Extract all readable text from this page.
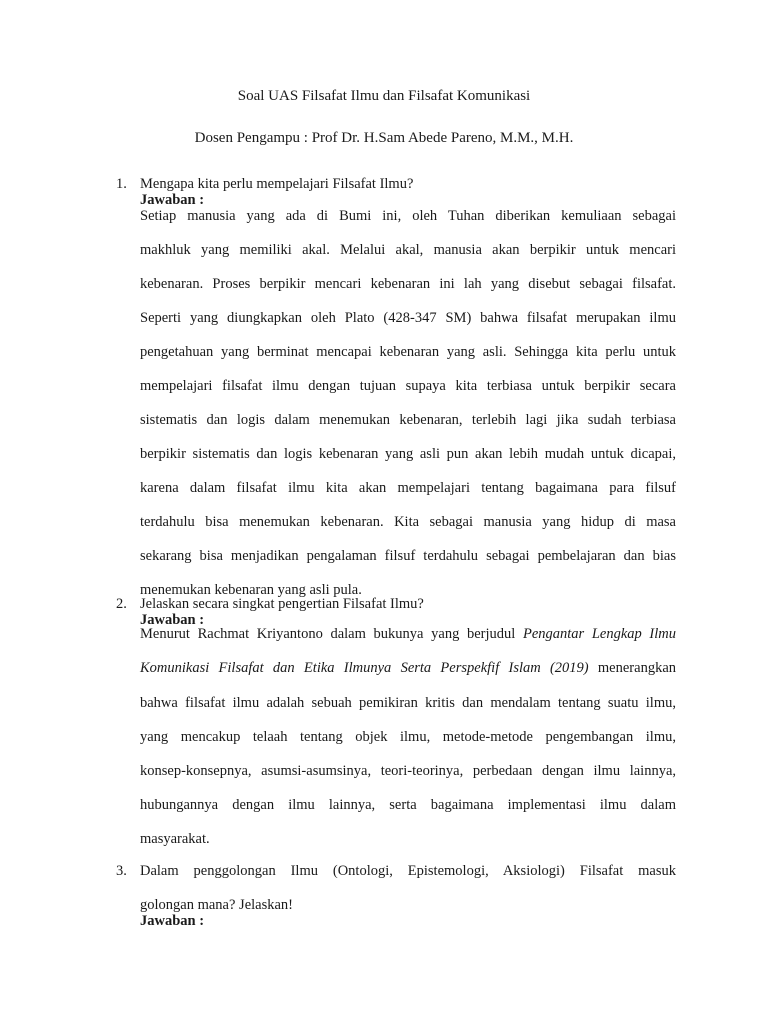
Soal UAS Filsafat Ilmu dan Filsafat Komunikasi
Dosen Pengampu : Prof Dr. H.Sam Abede Pareno, M.M., M.H.
1. Mengapa kita perlu mempelajari Filsafat Ilmu?
Jawaban :
Setiap manusia yang ada di Bumi ini, oleh Tuhan diberikan kemuliaan sebagai
makhluk yang memiliki akal. Melalui akal, manusia akan berpikir untuk mencari
kebenaran. Proses berpikir mencari kebenaran ini lah yang disebut sebagai filsafat.
Seperti yang diungkapkan oleh Plato (428-347 SM) bahwa filsafat merupakan ilmu
pengetahuan yang berminat mencapai kebenaran yang asli. Sehingga kita perlu untuk
mempelajari filsafat ilmu dengan tujuan supaya kita terbiasa untuk berpikir secara
sistematis dan logis dalam menemukan kebenaran, terlebih lagi jika sudah terbiasa
berpikir sistematis dan logis kebenaran yang asli pun akan lebih mudah untuk dicapai,
karena dalam filsafat ilmu kita akan mempelajari tentang bagaimana para filsuf
terdahulu bisa menemukan kebenaran. Kita sebagai manusia yang hidup di masa
sekarang bisa menjadikan pengalaman filsuf terdahulu sebagai pembelajaran dan bias
menemukan kebenaran yang asli pula.
2. Jelaskan secara singkat pengertian Filsafat Ilmu?
Jawaban :
Menurut Rachmat Kriyantono dalam bukunya yang berjudul Pengantar Lengkap Ilmu
Komunikasi Filsafat dan Etika Ilmunya Serta Perspekfif Islam (2019) menerangkan
bahwa filsafat ilmu adalah sebuah pemikiran kritis dan mendalam tentang suatu ilmu,
yang mencakup telaah tentang objek ilmu, metode-metode pengembangan ilmu,
konsep-konsepnya, asumsi-asumsinya, teori-teorinya, perbedaan dengan ilmu lainnya,
hubungannya dengan ilmu lainnya, serta bagaimana implementasi ilmu dalam
masyarakat.
3. Dalam penggolongan Ilmu (Ontologi, Epistemologi, Aksiologi) Filsafat masuk
golongan mana? Jelaskan!
Jawaban :
